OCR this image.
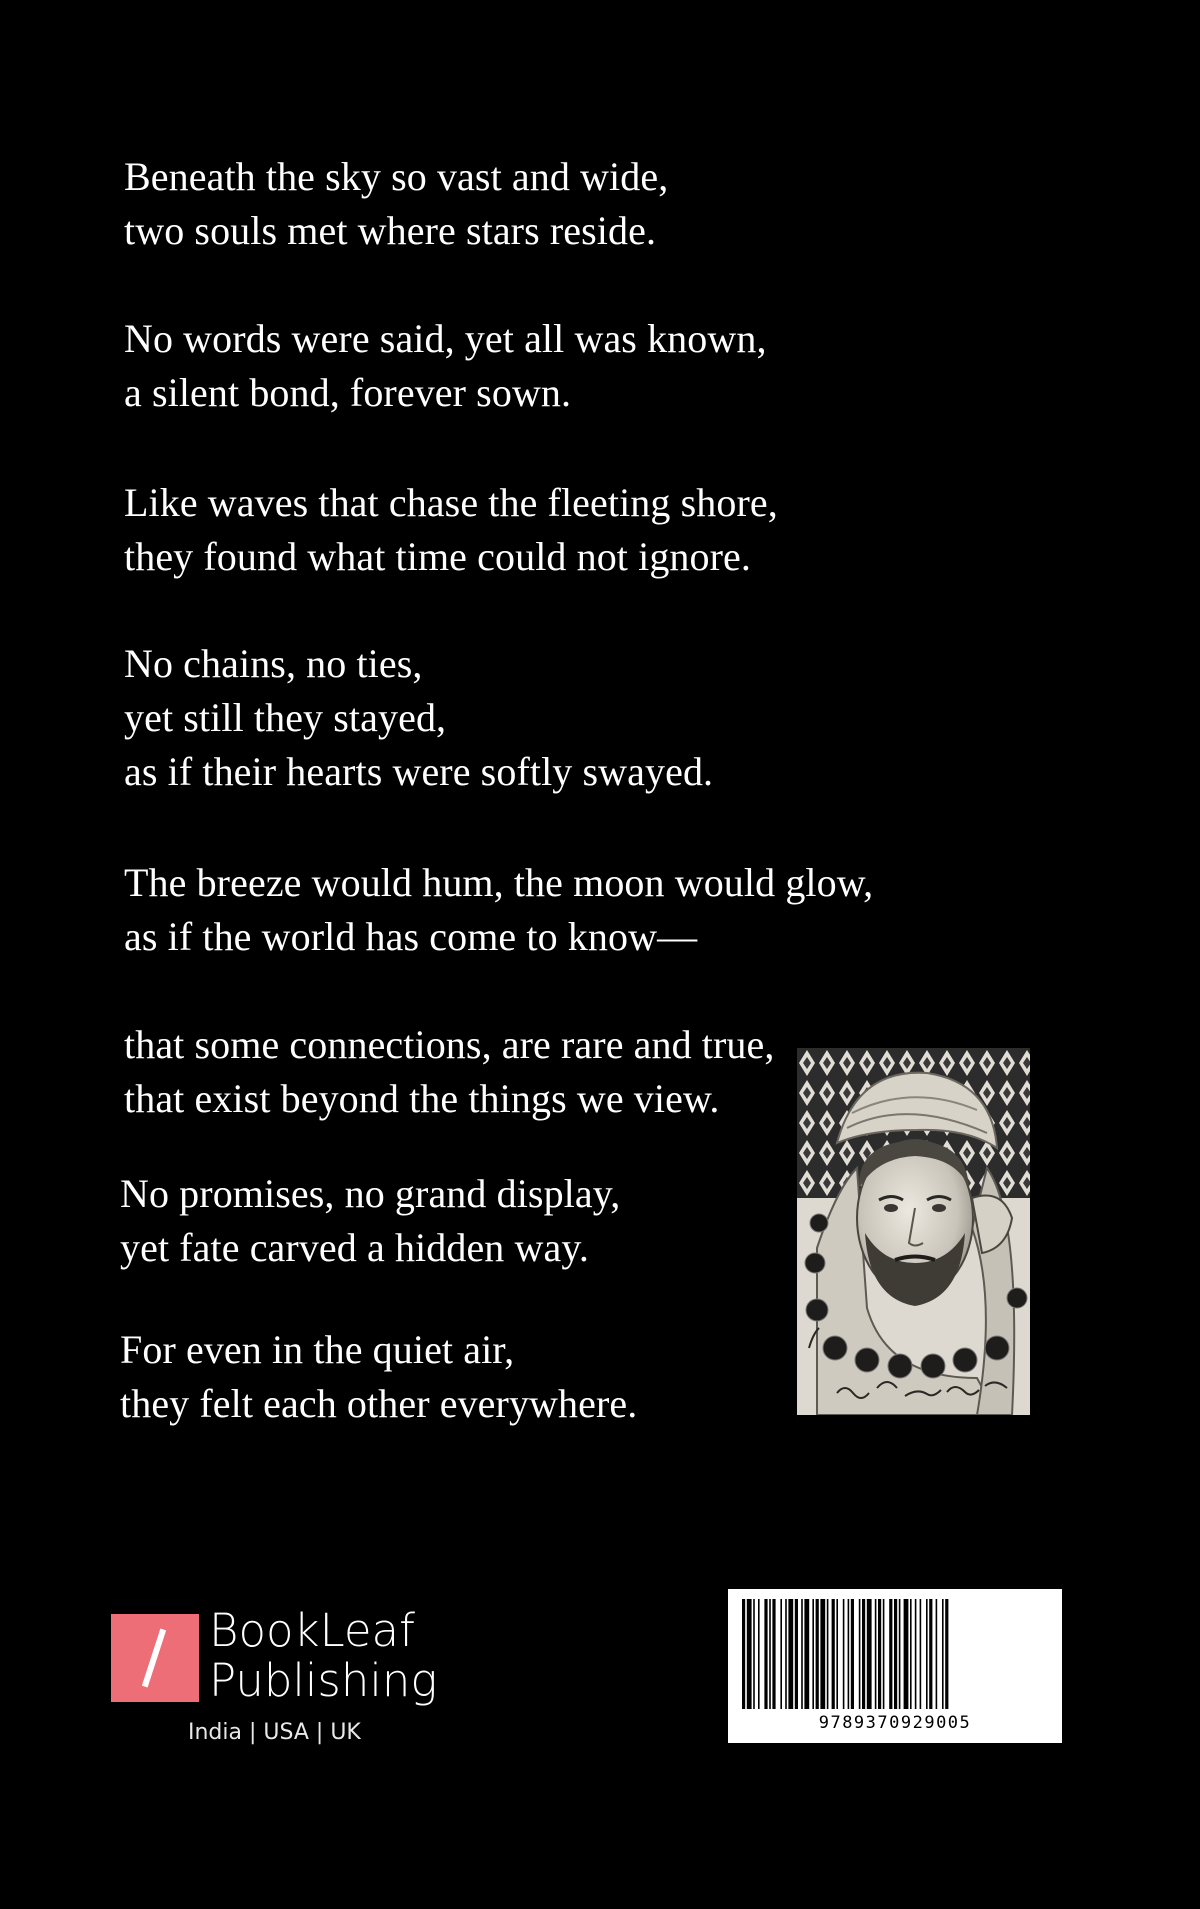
Beneath the sky so vast and wide,
two souls met where stars reside.
No words were said, yet all was known,
a silent bond, forever sown.
Like waves that chase the fleeting shore,
they found what time could not ignore.
No chains, no ties,
yet still they stayed,
as if their hearts were softly swayed.
The breeze would hum, the moon would glow,
as if the world has come to know—
that some connections, are rare and true,
that exist beyond the things we view.
No promises, no grand display,
yet fate carved a hidden way.
For even in the quiet air,
they felt each other everywhere.
BookLeaf
Publishing
India | USA | UK	9789370929005
